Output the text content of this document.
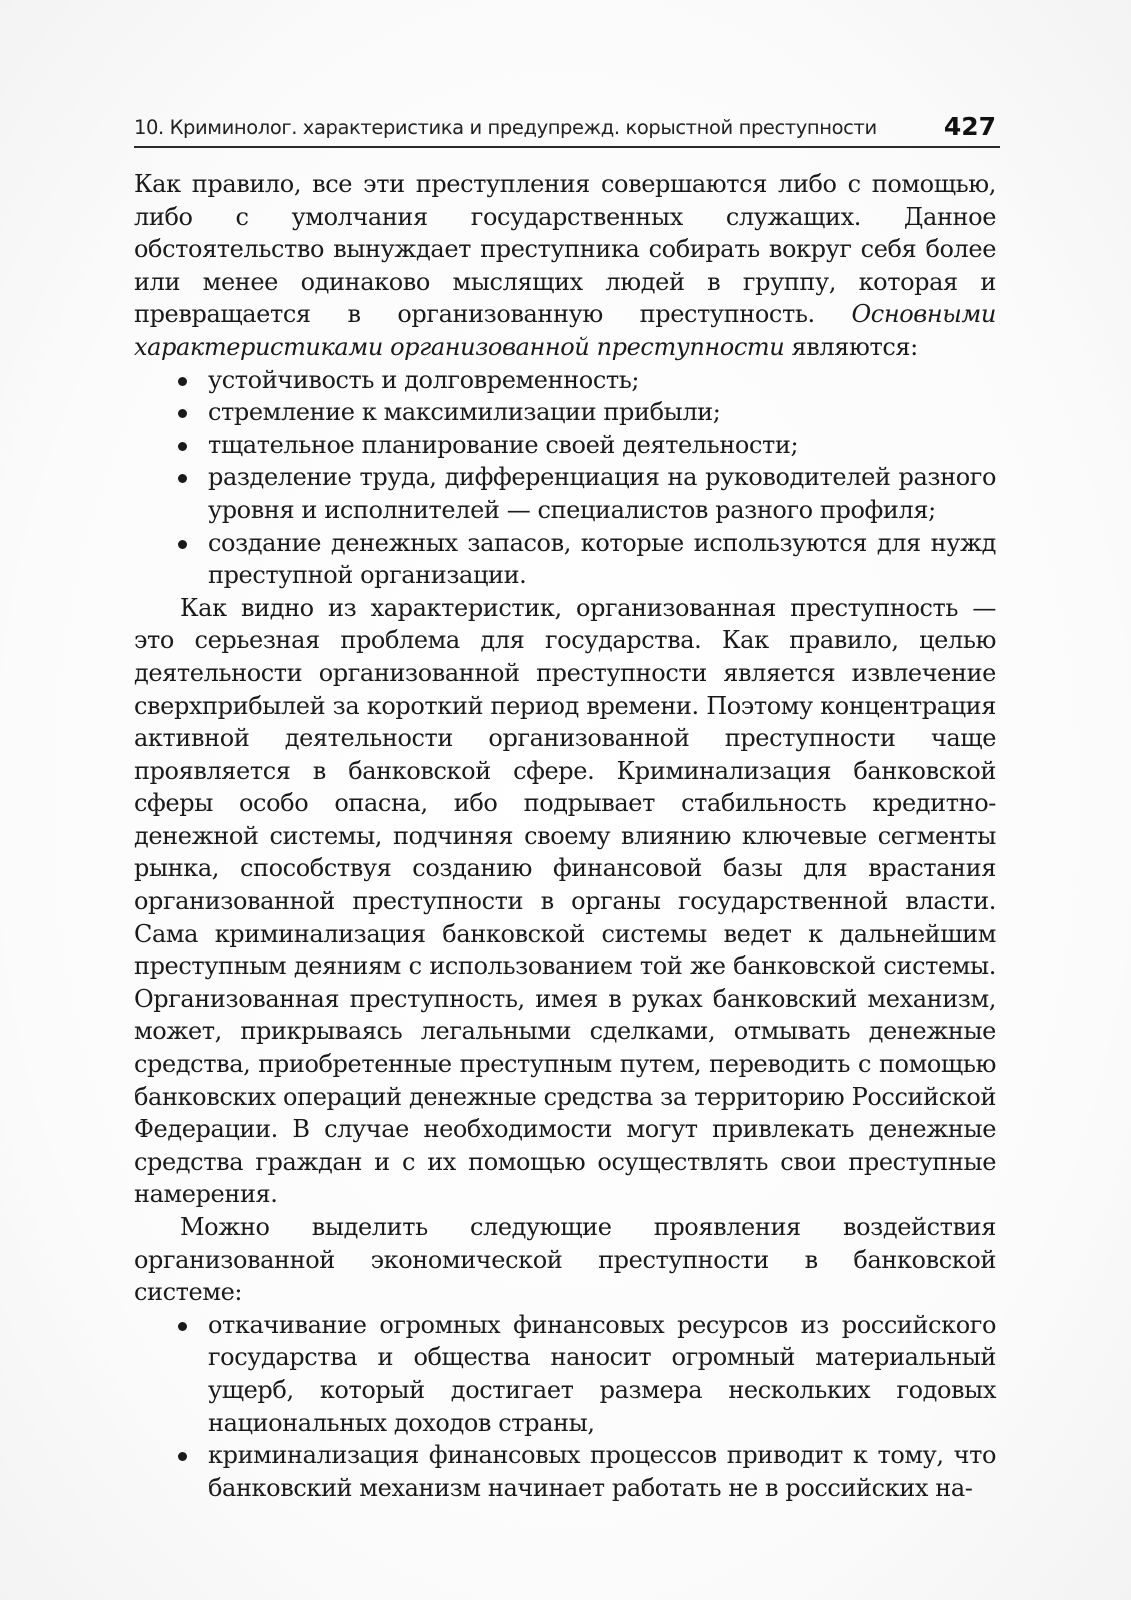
10. Криминолог. характеристика и предупрежд. корыстной преступности	427

Как правило, все эти преступления совершаются либо с помощью, либо с умолчания государственных служащих. Данное обстоятельство вынуждает преступника собирать вокруг себя более или менее одинаково мыслящих людей в группу, которая и превращается в организованную преступность. Основными характеристиками организованной преступности являются:

устойчивость и долговременность;
стремление к максимилизации прибыли;
тщательное планирование своей деятельности;
разделение труда, дифференциация на руководителей разного уровня и исполнителей — специалистов разного профиля;
создание денежных запасов, которые используются для нужд преступной организации.

Как видно из характеристик, организованная преступность — это серьезная проблема для государства. Как правило, целью деятельности организованной преступности является извлечение сверхприбылей за короткий период времени. Поэтому концентрация активной деятельности организованной преступности чаще проявляется в банковской сфере. Криминализация банковской сферы особо опасна, ибо подрывает стабильность кредитно-денежной системы, подчиняя своему влиянию ключевые сегменты рынка, способствуя созданию финансовой базы для врастания организованной преступности в органы государственной власти. Сама криминализация банковской системы ведет к дальнейшим преступным деяниям с использованием той же банковской системы. Организованная преступность, имея в руках банковский механизм, может, прикрываясь легальными сделками, отмывать денежные средства, приобретенные преступным путем, переводить с помощью банковских операций денежные средства за территорию Российской Федерации. В случае необходимости могут привлекать денежные средства граждан и с их помощью осуществлять свои преступные намерения.

Можно выделить следующие проявления воздействия организованной экономической преступности в банковской системе:

откачивание огромных финансовых ресурсов из российского государства и общества наносит огромный материальный ущерб, который достигает размера нескольких годовых национальных доходов страны,
криминализация финансовых процессов приводит к тому, что банковский механизм начинает работать не в российских на-
